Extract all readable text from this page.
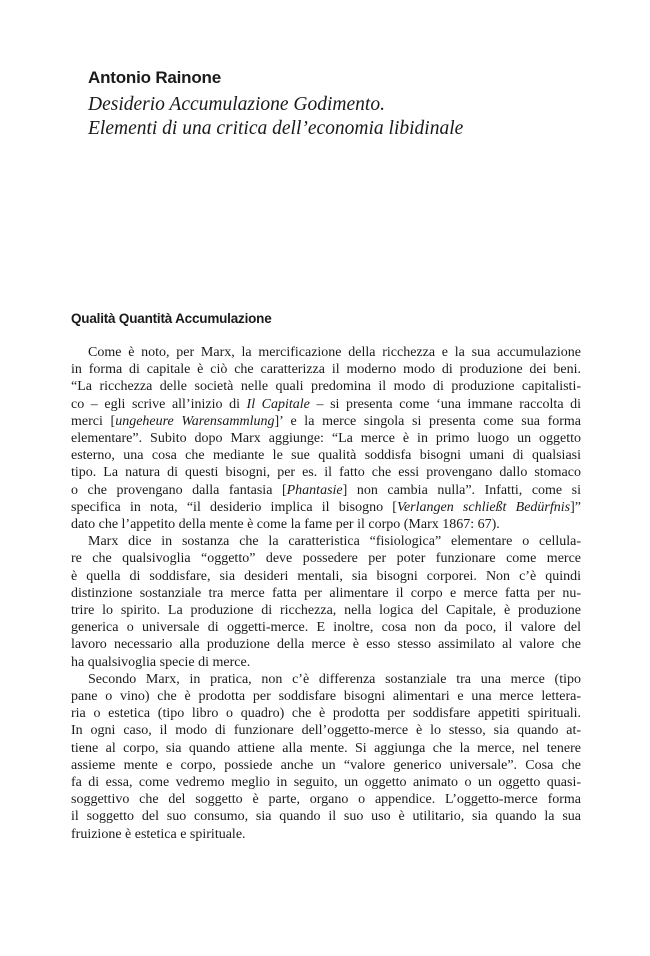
Antonio Rainone
Desiderio Accumulazione Godimento.
Elementi di una critica dell’economia libidinale
Qualità Quantità Accumulazione
Come è noto, per Marx, la mercificazione della ricchezza e la sua accumulazione
in forma di capitale è ciò che caratterizza il moderno modo di produzione dei beni.
“La ricchezza delle società nelle quali predomina il modo di produzione capitalisti-
co – egli scrive all’inizio di Il Capitale – si presenta come ‘una immane raccolta di
merci [ungeheure Warensammlung]’ e la merce singola si presenta come sua forma
elementare”. Subito dopo Marx aggiunge: “La merce è in primo luogo un oggetto
esterno, una cosa che mediante le sue qualità soddisfa bisogni umani di qualsiasi
tipo. La natura di questi bisogni, per es. il fatto che essi provengano dallo stomaco
o che provengano dalla fantasia [Phantasie] non cambia nulla”. Infatti, come si
specifica in nota, “il desiderio implica il bisogno [Verlangen schließt Bedürfnis]”
dato che l’appetito della mente è come la fame per il corpo (Marx 1867: 67).
Marx dice in sostanza che la caratteristica “fisiologica” elementare o cellula-
re che qualsivoglia “oggetto” deve possedere per poter funzionare come merce
è quella di soddisfare, sia desideri mentali, sia bisogni corporei. Non c’è quindi
distinzione sostanziale tra merce fatta per alimentare il corpo e merce fatta per nu-
trire lo spirito. La produzione di ricchezza, nella logica del Capitale, è produzione
generica o universale di oggetti-merce. E inoltre, cosa non da poco, il valore del
lavoro necessario alla produzione della merce è esso stesso assimilato al valore che
ha qualsivoglia specie di merce.
Secondo Marx, in pratica, non c’è differenza sostanziale tra una merce (tipo
pane o vino) che è prodotta per soddisfare bisogni alimentari e una merce lettera-
ria o estetica (tipo libro o quadro) che è prodotta per soddisfare appetiti spirituali.
In ogni caso, il modo di funzionare dell’oggetto-merce è lo stesso, sia quando at-
tiene al corpo, sia quando attiene alla mente. Si aggiunga che la merce, nel tenere
assieme mente e corpo, possiede anche un “valore generico universale”. Cosa che
fa di essa, come vedremo meglio in seguito, un oggetto animato o un oggetto quasi-
soggettivo che del soggetto è parte, organo o appendice. L’oggetto-merce forma
il soggetto del suo consumo, sia quando il suo uso è utilitario, sia quando la sua
fruizione è estetica e spirituale.
